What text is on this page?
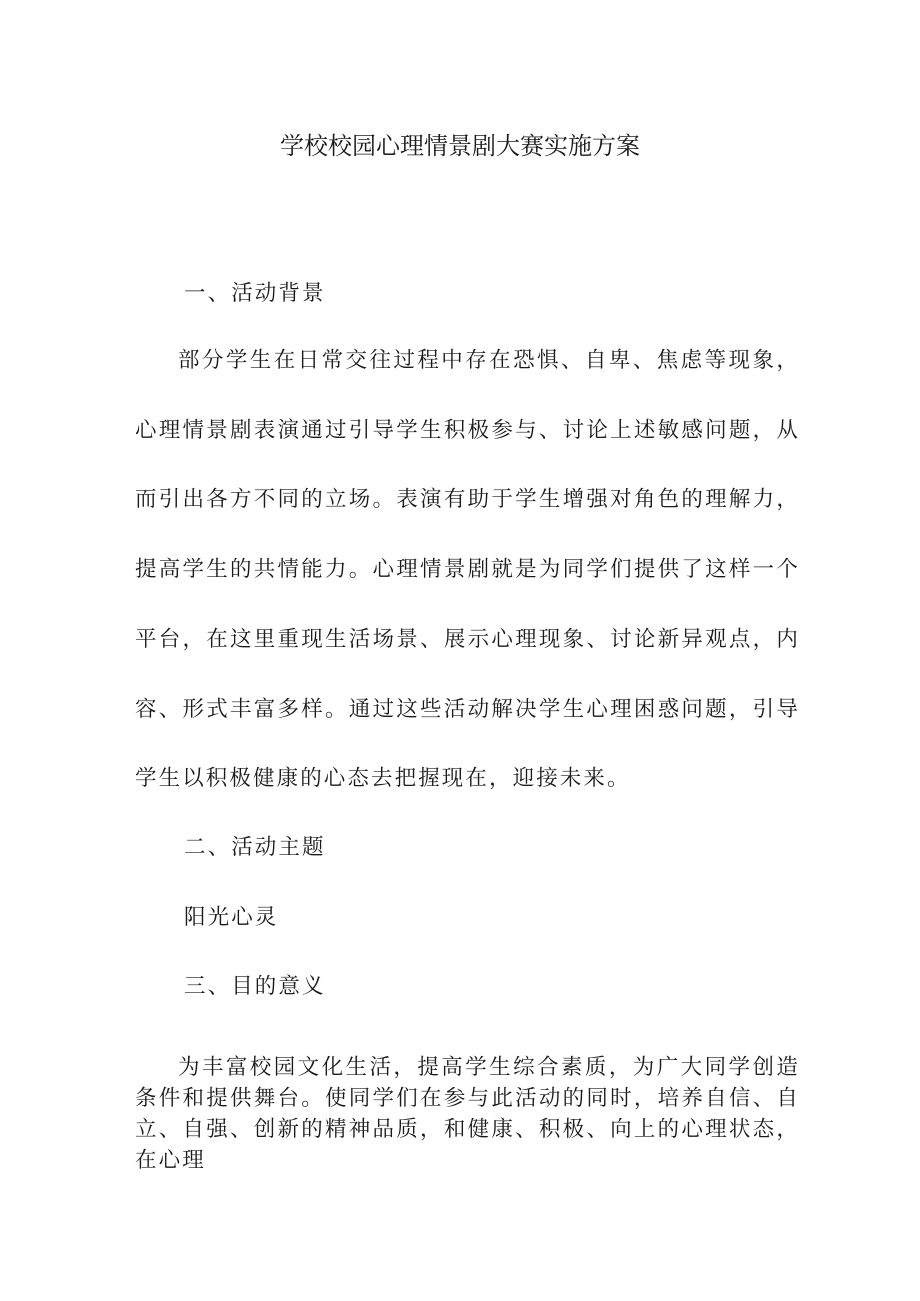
学校校园心理情景剧大赛实施方案
一、活动背景
部分学生在日常交往过程中存在恐惧、自卑、焦虑等现象，心理情景剧表演通过引导学生积极参与、讨论上述敏感问题，从而引出各方不同的立场。表演有助于学生增强对角色的理解力，提高学生的共情能力。心理情景剧就是为同学们提供了这样一个平台，在这里重现生活场景、展示心理现象、讨论新异观点，内容、形式丰富多样。通过这些活动解决学生心理困惑问题，引导学生以积极健康的心态去把握现在，迎接未来。
二、活动主题
阳光心灵
三、目的意义
为丰富校园文化生活，提高学生综合素质，为广大同学创造条件和提供舞台。使同学们在参与此活动的同时，培养自信、自立、自强、创新的精神品质，和健康、积极、向上的心理状态，在心理
